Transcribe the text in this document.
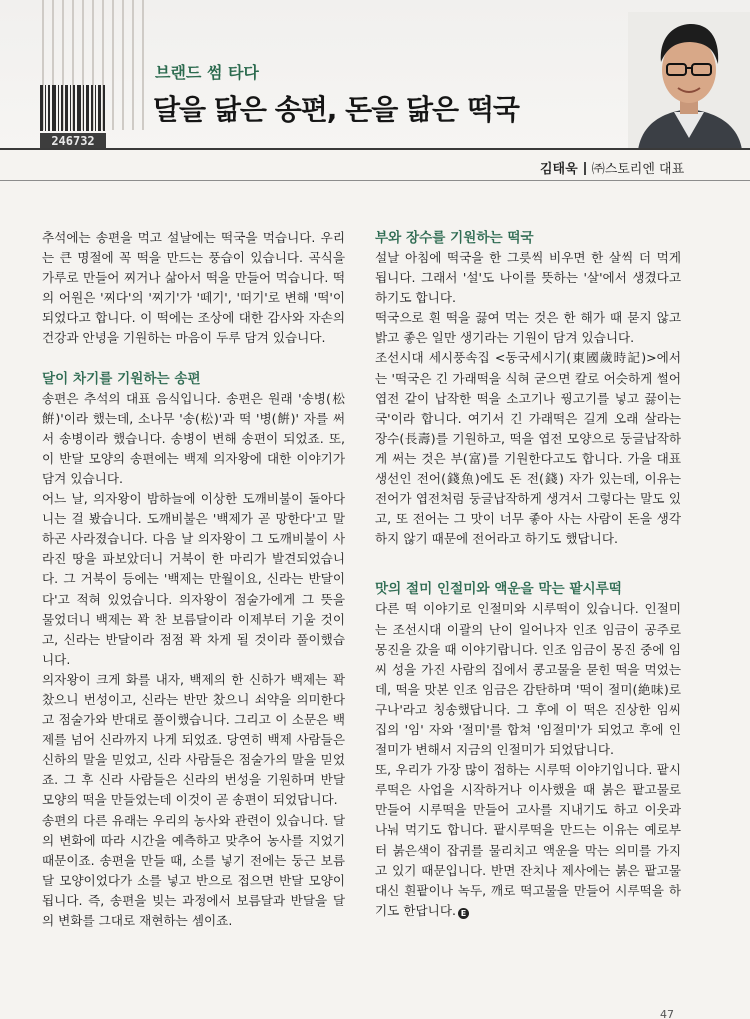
246732
브랜드 썸 타다
달을 닮은 송편, 돈을 닮은 떡국
김태욱 ㈜스토리엔 대표

추석에는 송편을 먹고 설날에는 떡국을 먹습니다. 우리는 큰 명절에 꼭 떡을 만드는 풍습이 있습니다. 곡식을 가루로 만들어 찌거나 삶아서 떡을 만들어 먹습니다. 떡의 어원은 '찌다'의 '찌기'가 '떼기', '떠기'로 변해 '떡'이 되었다고 합니다. 이 떡에는 조상에 대한 감사와 자손의 건강과 안녕을 기원하는 마음이 두루 담겨 있습니다.

달이 차기를 기원하는 송편

송편은 추석의 대표 음식입니다. 송편은 원래 '송병(松餠)'이라 했는데, 소나무 '송(松)'과 떡 '병(餠)' 자를 써서 송병이라 했습니다. 송병이 변해 송편이 되었죠. 또, 이 반달 모양의 송편에는 백제 의자왕에 대한 이야기가 담겨 있습니다.

어느 날, 의자왕이 밤하늘에 이상한 도깨비불이 돌아다니는 걸 봤습니다. 도깨비불은 '백제가 곧 망한다'고 말하곤 사라졌습니다. 다음 날 의자왕이 그 도깨비불이 사라진 땅을 파보았더니 거북이 한 마리가 발견되었습니다. 그 거북이 등에는 '백제는 만월이요, 신라는 반달이다'고 적혀 있었습니다. 의자왕이 점술가에게 그 뜻을 물었더니 백제는 꽉 찬 보름달이라 이제부터 기울 것이고, 신라는 반달이라 점점 꽉 차게 될 것이라 풀이했습니다.

의자왕이 크게 화를 내자, 백제의 한 신하가 백제는 꽉 찼으니 번성이고, 신라는 반만 찼으니 쇠약을 의미한다고 점술가와 반대로 풀이했습니다. 그리고 이 소문은 백제를 넘어 신라까지 나게 되었죠. 당연히 백제 사람들은 신하의 말을 믿었고, 신라 사람들은 점술가의 말을 믿었죠. 그 후 신라 사람들은 신라의 번성을 기원하며 반달 모양의 떡을 만들었는데 이것이 곧 송편이 되었답니다.

송편의 다른 유래는 우리의 농사와 관련이 있습니다. 달의 변화에 따라 시간을 예측하고 맞추어 농사를 지었기 때문이죠. 송편을 만들 때, 소를 넣기 전에는 둥근 보름달 모양이었다가 소를 넣고 반으로 접으면 반달 모양이 됩니다. 즉, 송편을 빚는 과정에서 보름달과 반달을 달의 변화를 그대로 재현하는 셈이죠.

부와 장수를 기원하는 떡국

설날 아침에 떡국을 한 그릇씩 비우면 한 살씩 더 먹게 됩니다. 그래서 '설'도 나이를 뜻하는 '살'에서 생겼다고 하기도 합니다.

떡국으로 흰 떡을 끓여 먹는 것은 한 해가 때 묻지 않고 밝고 좋은 일만 생기라는 기원이 담겨 있습니다.

조선시대 세시풍속집 <동국세시기(東國歲時記)>에서는 '떡국은 긴 가래떡을 식혀 굳으면 칼로 어슷하게 썰어 엽전 같이 납작한 떡을 소고기나 꿩고기를 넣고 끓이는 국'이라 합니다. 여기서 긴 가래떡은 길게 오래 살라는 장수(長壽)를 기원하고, 떡을 엽전 모양으로 둥글납작하게 써는 것은 부(富)를 기원한다고도 합니다. 가을 대표 생선인 전어(錢魚)에도 돈 전(錢) 자가 있는데, 이유는 전어가 엽전처럼 둥글납작하게 생겨서 그렇다는 말도 있고, 또 전어는 그 맛이 너무 좋아 사는 사람이 돈을 생각하지 않기 때문에 전어라고 하기도 했답니다.

맛의 절미 인절미와 액운을 막는 팥시루떡

다른 떡 이야기로 인절미와 시루떡이 있습니다. 인절미는 조선시대 이괄의 난이 일어나자 인조 임금이 공주로 몽진을 갔을 때 이야기랍니다. 인조 임금이 몽진 중에 임씨 성을 가진 사람의 집에서 콩고물을 묻힌 떡을 먹었는데, 떡을 맛본 인조 임금은 감탄하며 '떡이 절미(絶味)로구나'라고 칭송했답니다. 그 후에 이 떡은 진상한 임씨 집의 '임' 자와 '절미'를 합쳐 '임절미'가 되었고 후에 인절미가 변해서 지금의 인절미가 되었답니다.

또, 우리가 가장 많이 접하는 시루떡 이야기입니다. 팥시루떡은 사업을 시작하거나 이사했을 때 붉은 팥고물로 만들어 시루떡을 만들어 고사를 지내기도 하고 이웃과 나눠 먹기도 합니다. 팥시루떡을 만드는 이유는 예로부터 붉은색이 잡귀를 물리치고 액운을 막는 의미를 가지고 있기 때문입니다. 반면 잔치나 제사에는 붉은 팥고물 대신 흰팥이나 녹두, 깨로 떡고물을 만들어 시루떡을 하기도 한답니다. E

47
